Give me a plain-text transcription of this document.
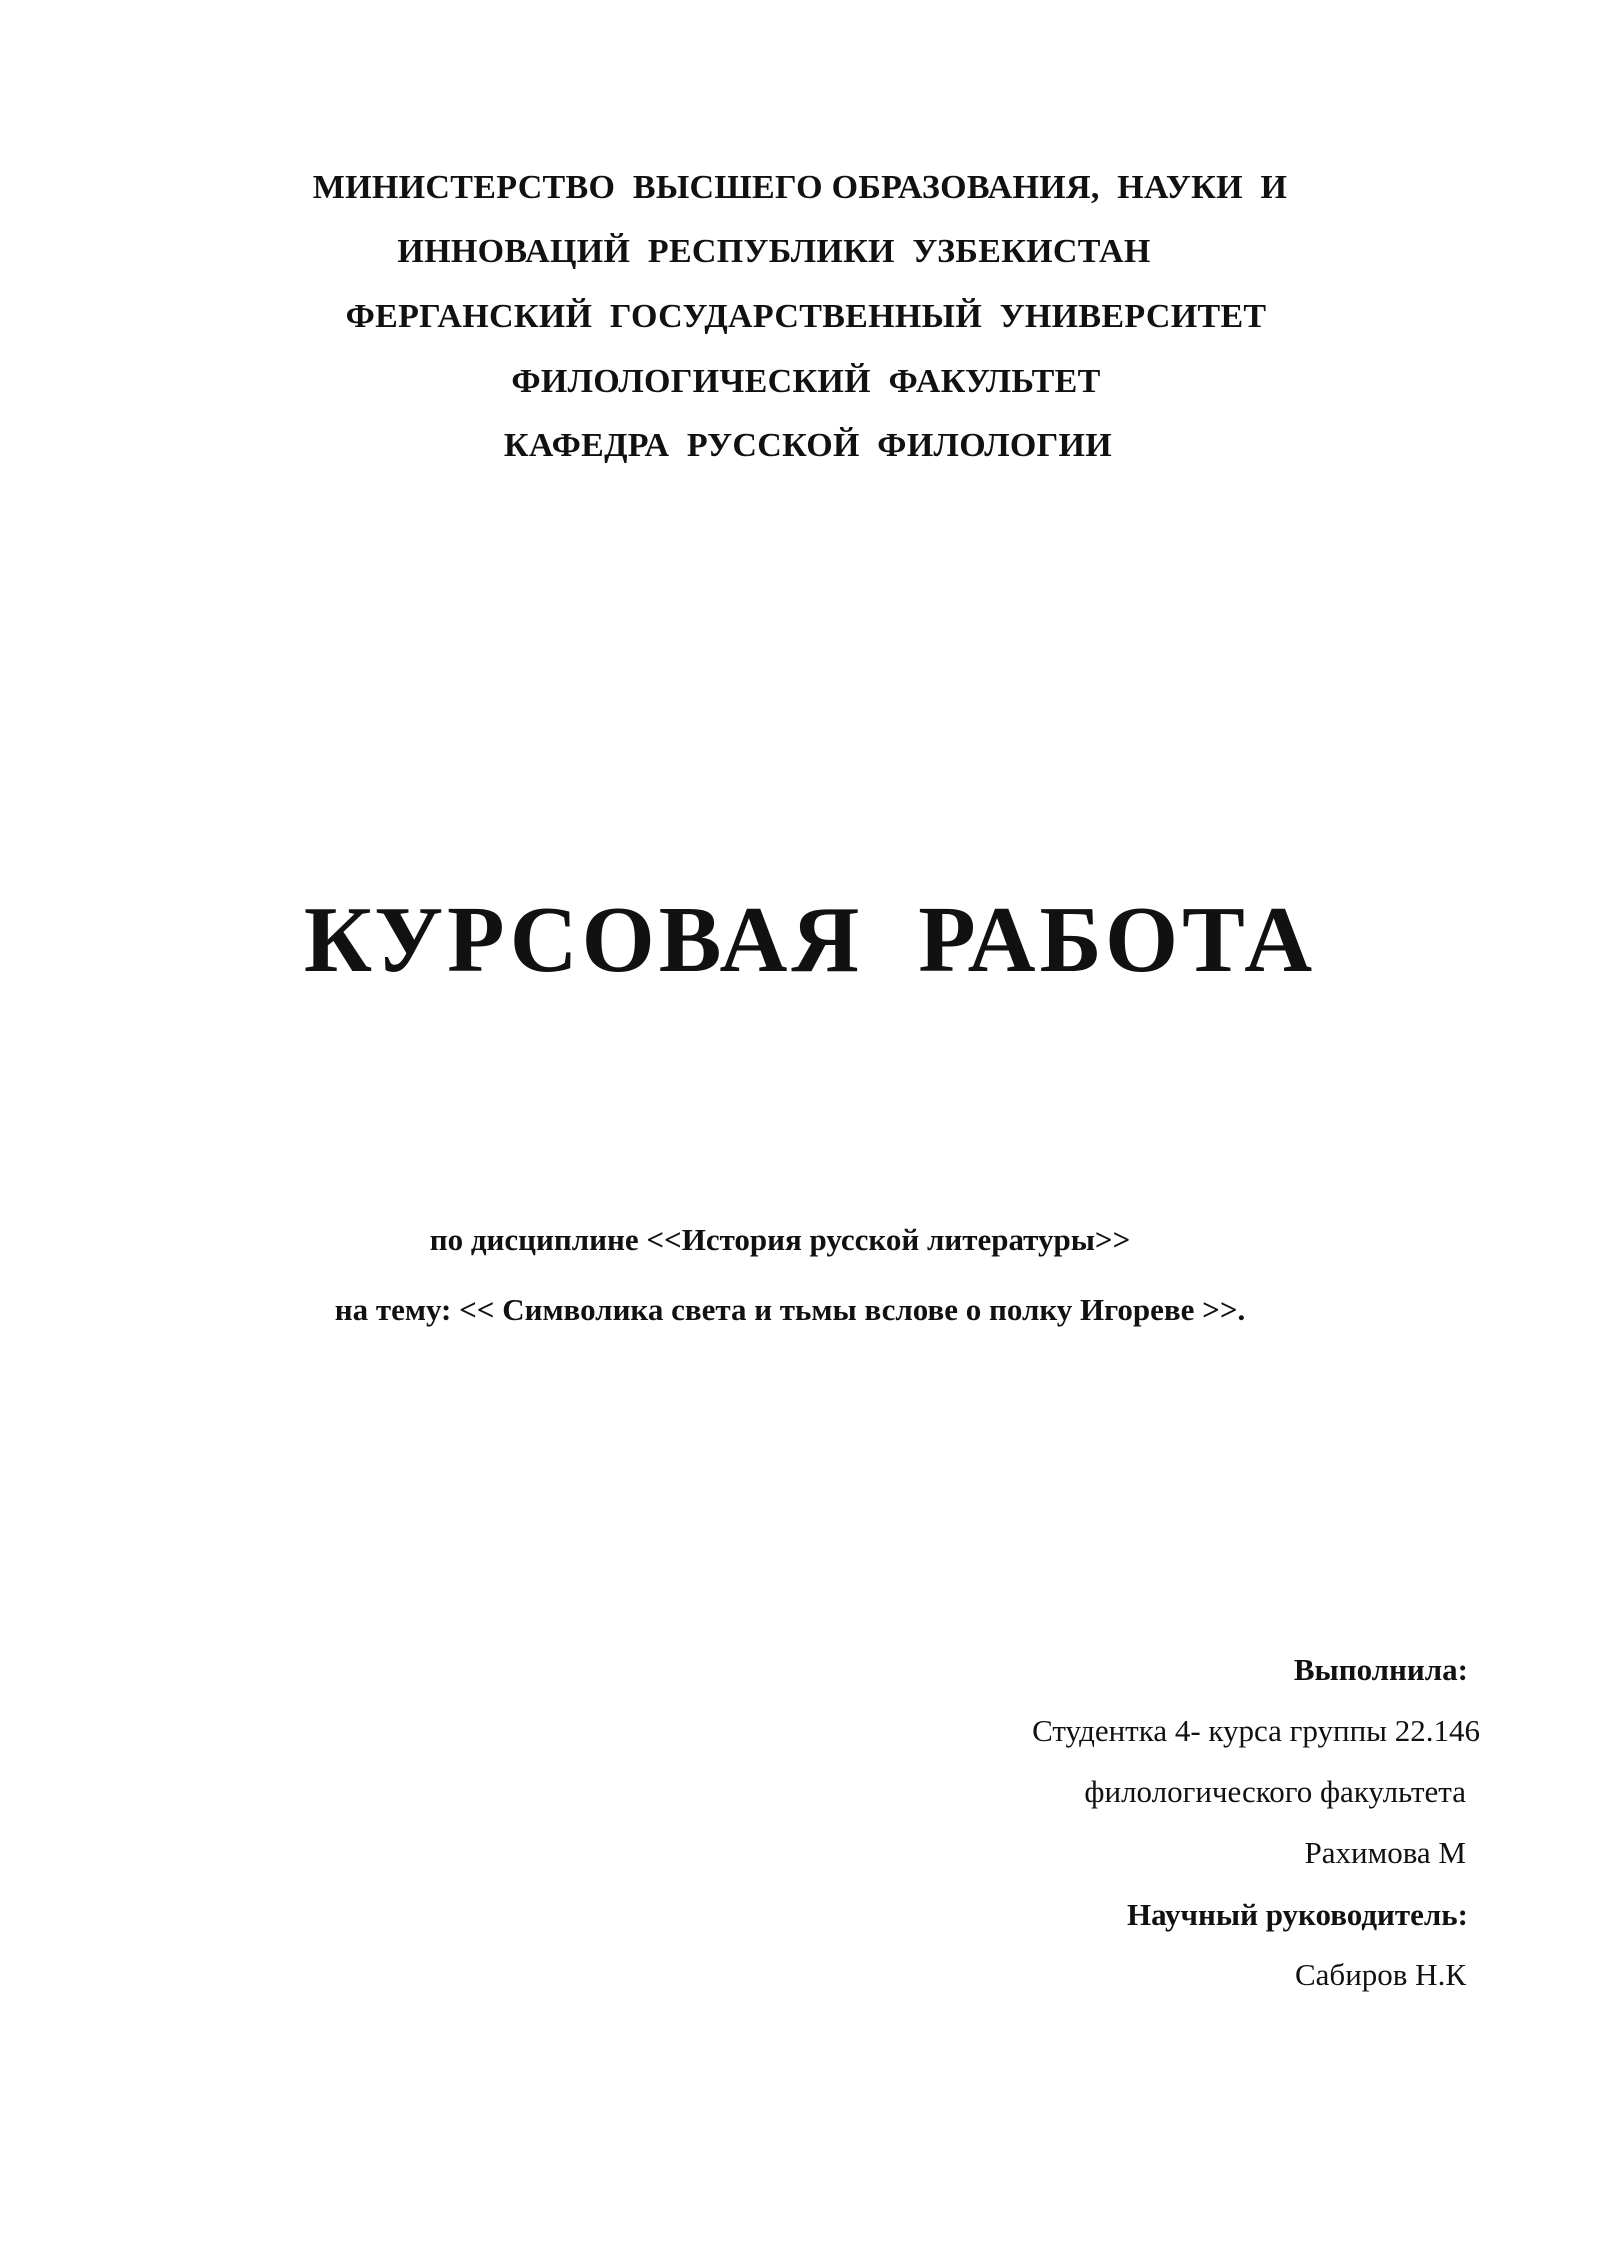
МИНИСТЕРСТВО  ВЫСШЕГО ОБРАЗОВАНИЯ,  НАУКИ  И
ИННОВАЦИЙ  РЕСПУБЛИКИ  УЗБЕКИСТАН
ФЕРГАНСКИЙ  ГОСУДАРСТВЕННЫЙ  УНИВЕРСИТЕТ
ФИЛОЛОГИЧЕСКИЙ  ФАКУЛЬТЕТ
КАФЕДРА  РУССКОЙ  ФИЛОЛОГИИ
КУРСОВАЯ  РАБОТА
по дисциплине <<История русской литературы>>
на тему: << Символика света и тьмы вслове о полку Игореве >>.
Выполнила:
Студентка 4- курса группы 22.146
филологического факультета
Рахимова М
Научный руководитель:
Сабиров Н.К
